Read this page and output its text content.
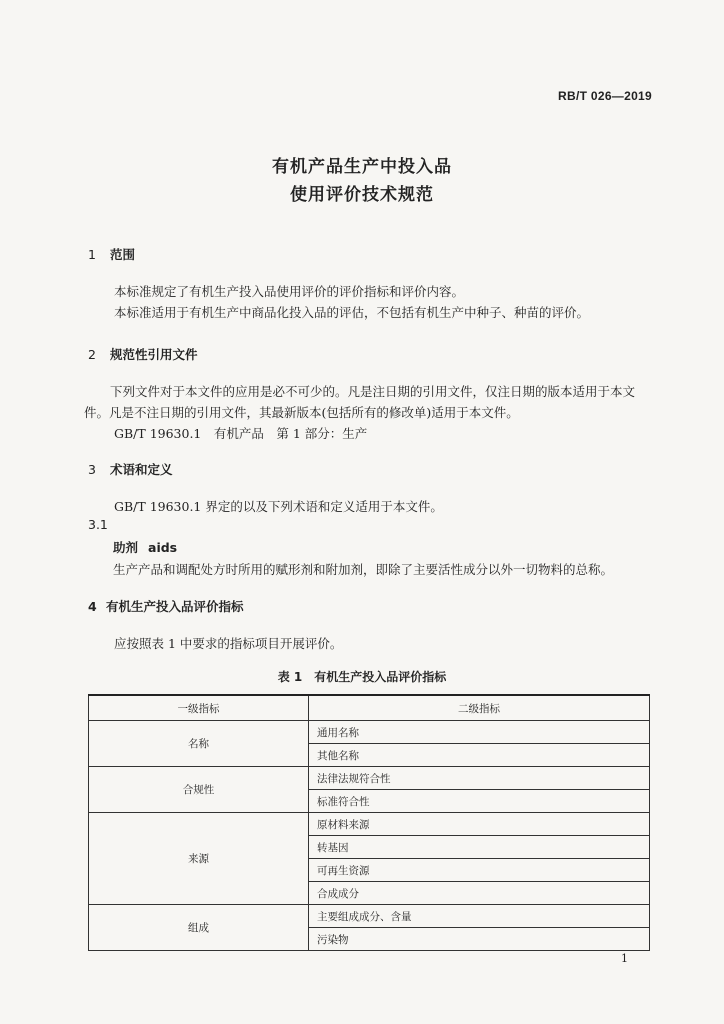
RB/T 026—2019
有机产品生产中投入品
使用评价技术规范
1 范围
本标准规定了有机生产投入品使用评价的评价指标和评价内容。
本标准适用于有机生产中商品化投入品的评估，不包括有机生产中种子、种苗的评价。
2 规范性引用文件
下列文件对于本文件的应用是必不可少的。凡是注日期的引用文件，仅注日期的版本适用于本文件。凡是不注日期的引用文件，其最新版本(包括所有的修改单)适用于本文件。
GB/T 19630.1　有机产品　第 1 部分：生产
3 术语和定义
GB/T 19630.1 界定的以及下列术语和定义适用于本文件。
3.1
助剂 aids
生产产品和调配处方时所用的赋形剂和附加剂，即除了主要活性成分以外一切物料的总称。
4 有机生产投入品评价指标
应按照表 1 中要求的指标项目开展评价。
表 1　有机生产投入品评价指标
一级指标	二级指标
名称	通用名称
	其他名称
合规性	法律法规符合性
	标准符合性
来源	原材料来源
	转基因
	可再生资源
	合成成分
组成	主要组成成分、含量
	污染物
1
